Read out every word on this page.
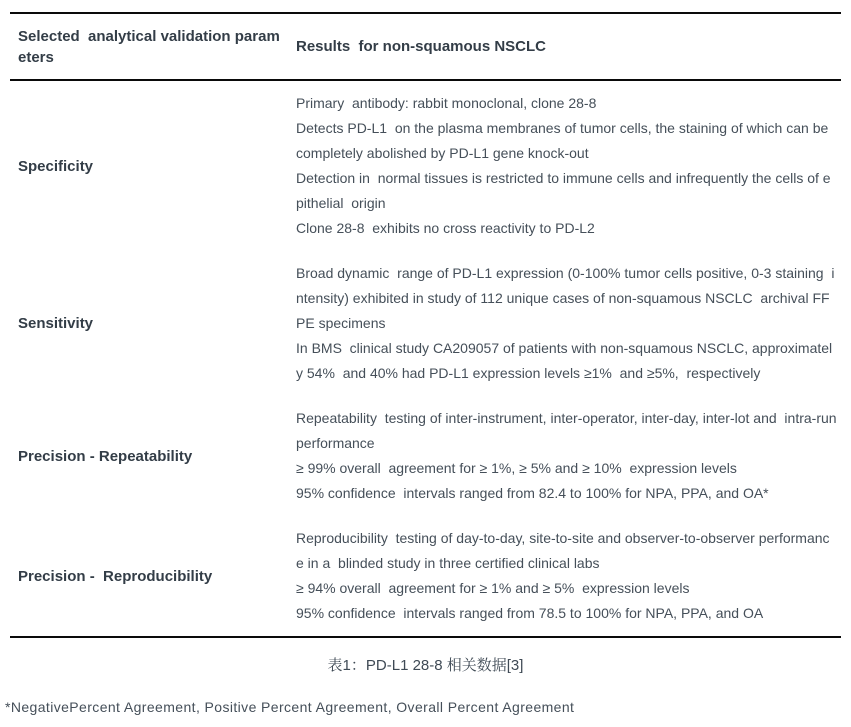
Selected  analytical validation parameters
Results  for non-squamous NSCLC
Specificity
Primary  antibody: rabbit monoclonal, clone 28-8
Detects PD-L1  on the plasma membranes of tumor cells, the staining of which can be  completely abolished by PD-L1 gene knock-out
Detection in  normal tissues is restricted to immune cells and infrequently the cells of epithelial  origin
Clone 28-8  exhibits no cross reactivity to PD-L2
Sensitivity
Broad dynamic  range of PD-L1 expression (0-100% tumor cells positive, 0-3 staining  intensity) exhibited in study of 112 unique cases of non-squamous NSCLC  archival FFPE specimens
In BMS  clinical study CA209057 of patients with non-squamous NSCLC, approximately 54%  and 40% had PD-L1 expression levels ≥1%  and ≥5%,  respectively
Precision - Repeatability
Repeatability  testing of inter-instrument, inter-operator, inter-day, inter-lot and  intra-run performance
≥ 99% overall  agreement for ≥ 1%, ≥ 5% and ≥ 10%  expression levels
95% confidence  intervals ranged from 82.4 to 100% for NPA, PPA, and OA*
Precision -  Reproducibility
Reproducibility  testing of day-to-day, site-to-site and observer-to-observer performance in a  blinded study in three certified clinical labs
≥ 94% overall  agreement for ≥ 1% and ≥ 5%  expression levels
95% confidence  intervals ranged from 78.5 to 100% for NPA, PPA, and OA
表1：PD-L1 28-8 相关数据[3]
*NegativePercent Agreement, Positive Percent Agreement, Overall Percent Agreement
